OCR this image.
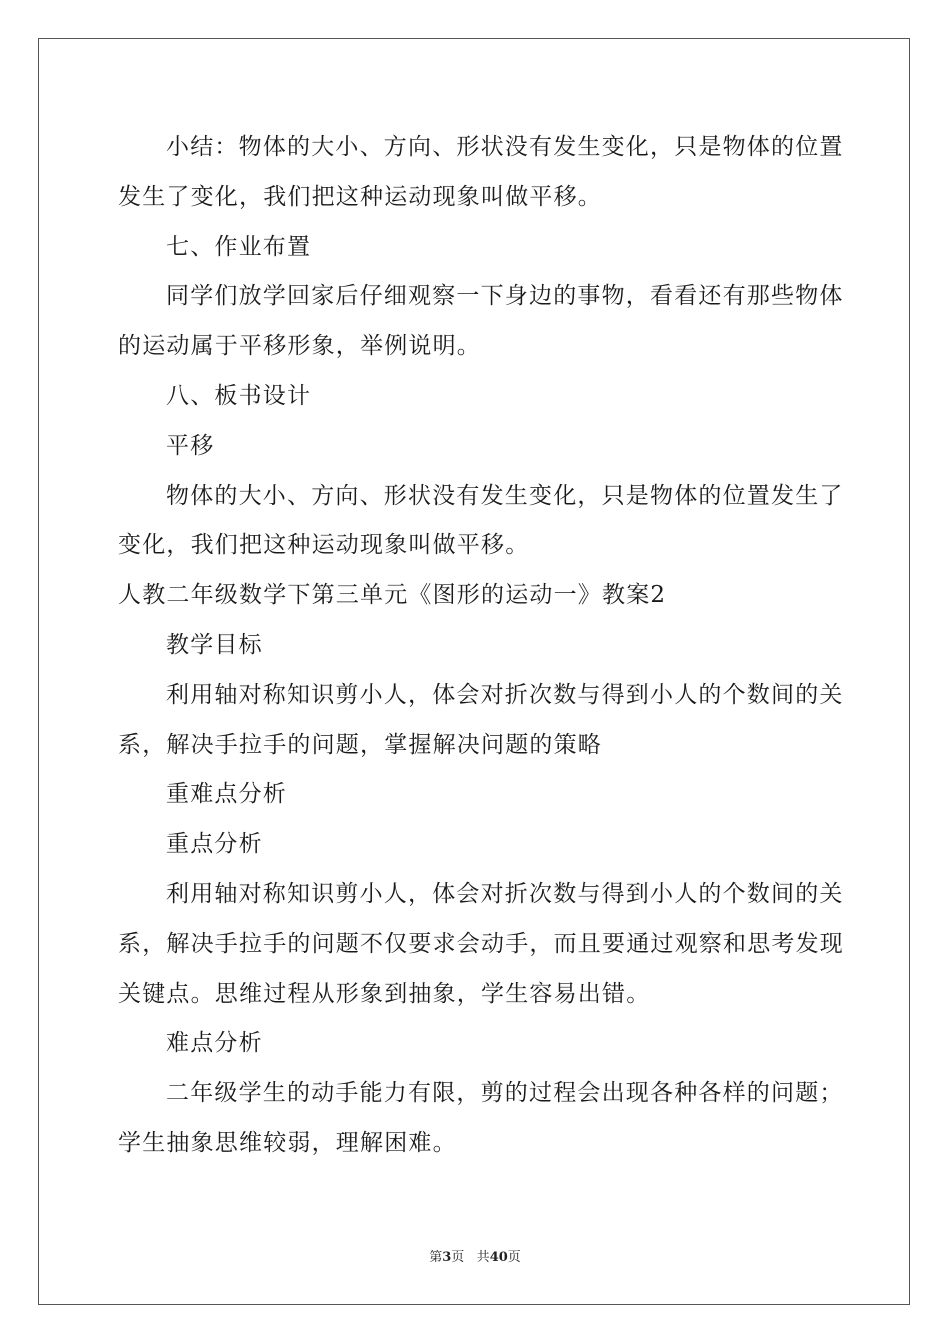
小结：物体的大小、方向、形状没有发生变化，只是物体的位置
发生了变化，我们把这种运动现象叫做平移。
七、作业布置
同学们放学回家后仔细观察一下身边的事物，看看还有那些物体
的运动属于平移形象，举例说明。
八、板书设计
平移
物体的大小、方向、形状没有发生变化，只是物体的位置发生了
变化，我们把这种运动现象叫做平移。
人教二年级数学下第三单元《图形的运动一》教案2
教学目标
利用轴对称知识剪小人，体会对折次数与得到小人的个数间的关
系，解决手拉手的问题，掌握解决问题的策略
重难点分析
重点分析
利用轴对称知识剪小人，体会对折次数与得到小人的个数间的关
系，解决手拉手的问题不仅要求会动手，而且要通过观察和思考发现
关键点。思维过程从形象到抽象，学生容易出错。
难点分析
二年级学生的动手能力有限，剪的过程会出现各种各样的问题；
学生抽象思维较弱，理解困难。
第3页 共40页
